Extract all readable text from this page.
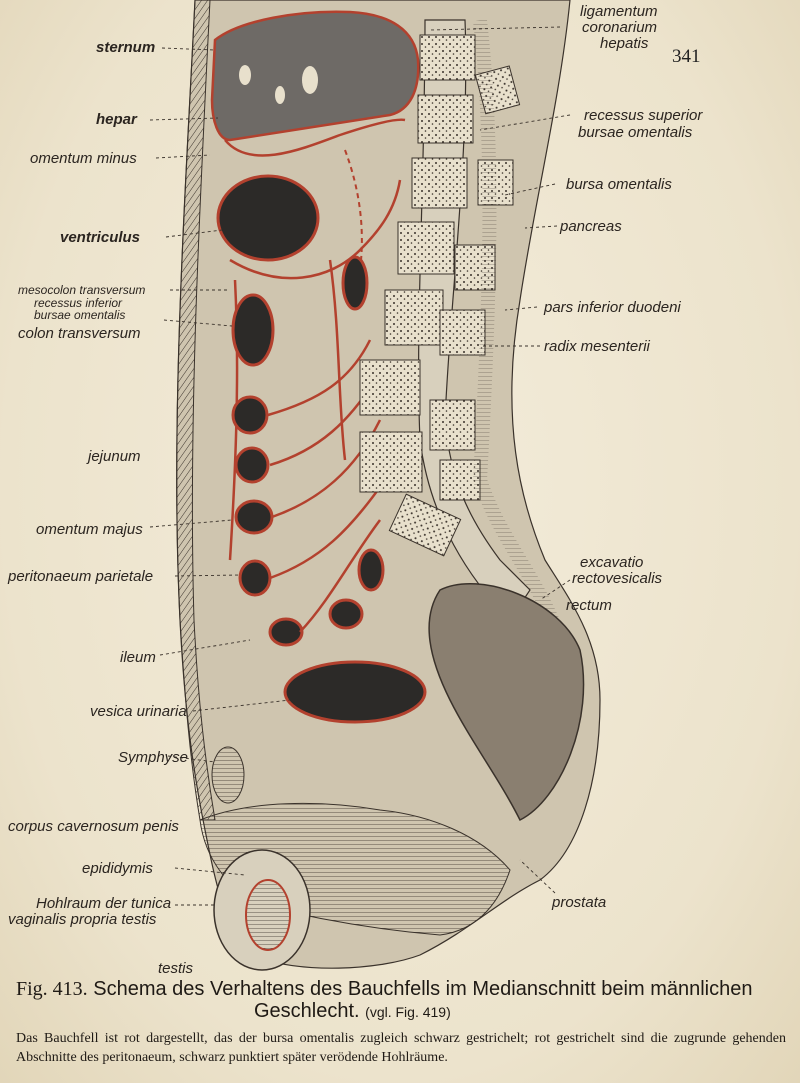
341
sternum
hepar
omentum minus
ventriculus
mesocolon transversum
recessus inferior
bursae omentalis
colon transversum
jejunum
omentum majus
peritonaeum parietale
ileum
vesica urinaria
Symphyse
corpus cavernosum penis
epididymis
Hohlraum der tunica
vaginalis propria testis
testis
ligamentum
coronarium
hepatis
recessus superior
bursae omentalis
bursa omentalis
pancreas
pars inferior duodeni
radix mesenterii
excavatio
rectovesicalis
rectum
prostata
Fig. 413. Schema des Verhaltens des Bauchfells im Medianschnitt beim männlichen
Geschlecht. (vgl. Fig. 419)
Das Bauchfell ist rot dargestellt, das der bursa omentalis zugleich schwarz gestrichelt; rot gestrichelt sind die zugrunde gehenden Abschnitte des peritonaeum, schwarz punktiert später verödende Hohlräume.
